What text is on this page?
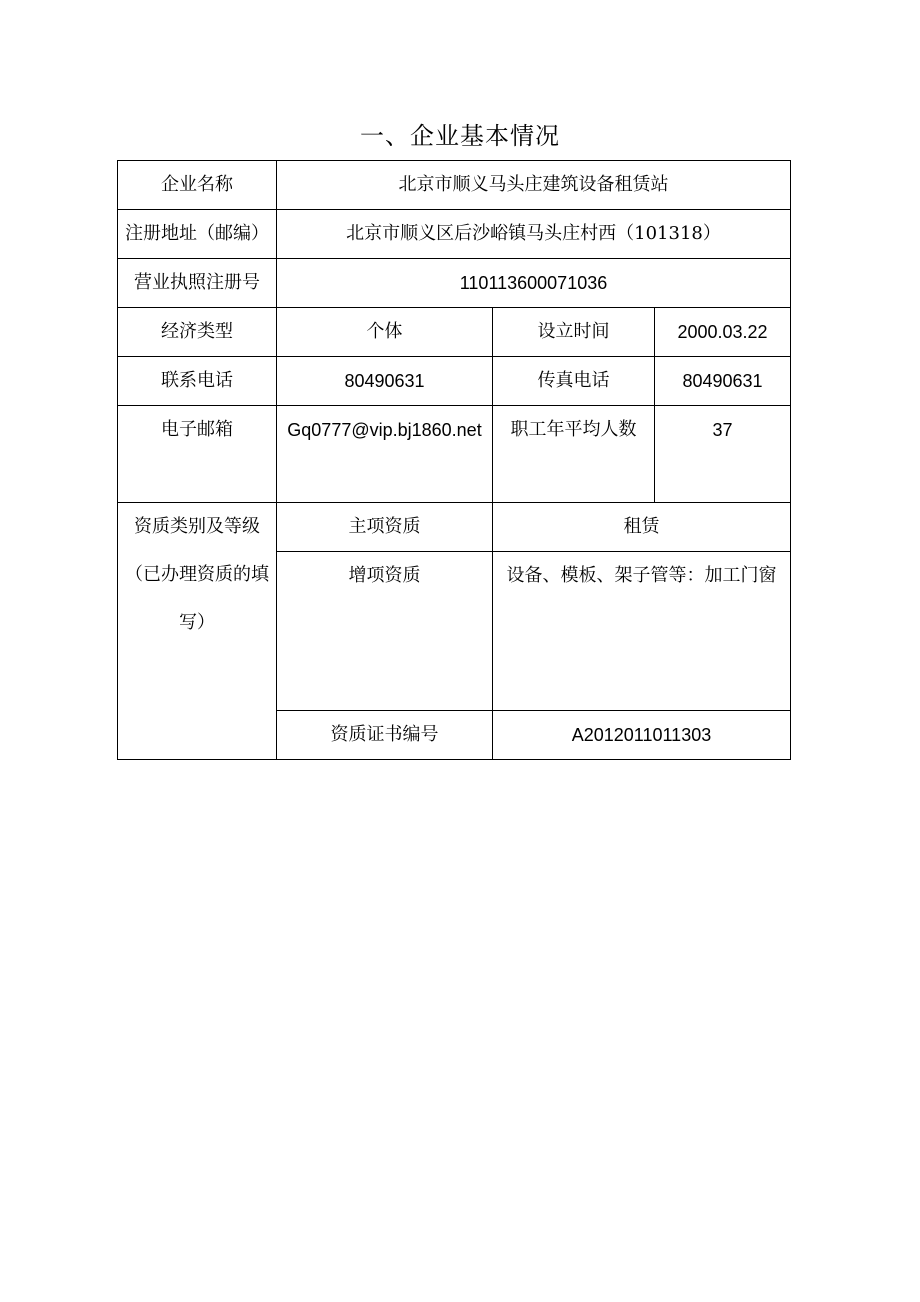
一、企业基本情况
企业名称	北京市顺义马头庄建筑设备租赁站		
注册地址（邮编）	北京市顺义区后沙峪镇马头庄村西（101318）		
营业执照注册号	110113600071036		
经济类型	个体	设立时间	2000.03.22
联系电话	80490631	传真电话	80490631
电子邮箱	Gq0777@vip.bj1860.net	职工年平均人数	37

资质类别及等级（已办理资质的填写）	主项资质	租赁	
	增项资质	设备、模板、架子管等：加工门窗	

	资质证书编号	A2012011011303	
